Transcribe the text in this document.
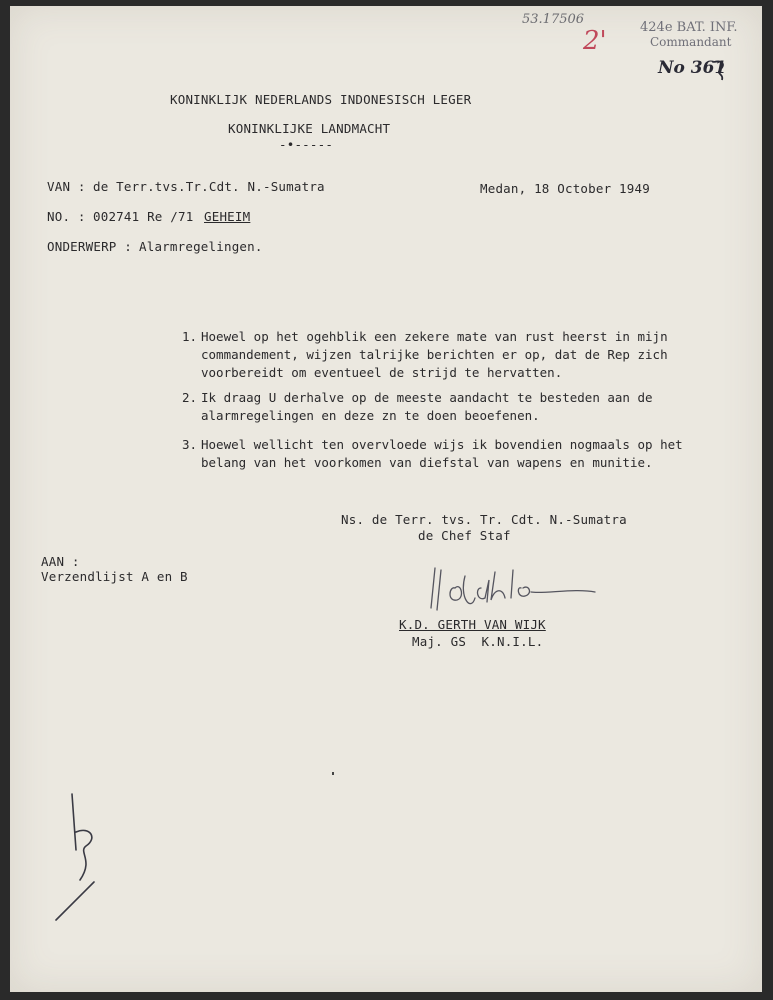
53.17506
2'	424e BAT. INF.
Commandant
No 361
KONINKLIJK NEDERLANDS INDONESISCH LEGER
KONINKLIJKE LANDMACHT
-•-----
VAN : de Terr.tvs.Tr.Cdt. N.-Sumatra	Medan, 18 October 1949
NO. : 002741 Re /71 GEHEIM
ONDERWERP : Alarmregelingen.
1. Hoewel op het ogehblik een zekere mate van rust heerst in mijn commandement, wijzen talrijke berichten er op, dat de Rep zich voorbereidt om eventueel de strijd te hervatten.
2. Ik draag U derhalve op de meeste aandacht te besteden aan de alarmregelingen en deze zn te doen beoefenen.
3. Hoewel wellicht ten overvloede wijs ik bovendien nogmaals op het belang van het voorkomen van diefstal van wapens en munitie.
Ns. de Terr. tvs. Tr. Cdt. N.-Sumatra
de Chef Staf
K.D. GERTH VAN WIJK
Maj. GS  K.N.I.L.
AAN :
Verzendlijst A en B
